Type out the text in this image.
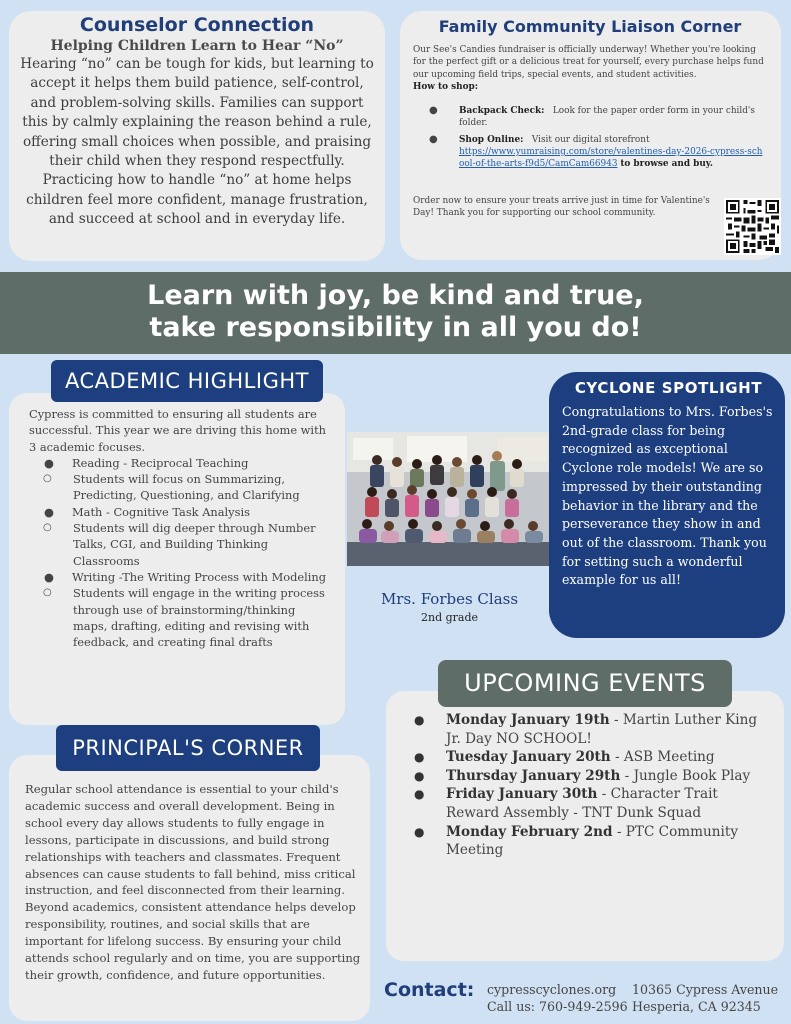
Counselor Connection
Helping Children Learn to Hear “No”

Hearing “no” can be tough for kids, but learning to accept it helps them build patience, self-control, and problem-solving skills. Families can support this by calmly explaining the reason behind a rule, offering small choices when possible, and praising their child when they respond respectfully. Practicing how to handle “no” at home helps children feel more confident, manage frustration, and succeed at school and in everyday life.

Family Community Liaison Corner
Our See's Candies fundraiser is officially underway! Whether you're looking for the perfect gift or a delicious treat for yourself, every purchase helps fund our upcoming field trips, special events, and student activities.
How to shop:
● Backpack Check: Look for the paper order form in your child's folder.
● Shop Online: Visit our digital storefront
https://www.yumraising.com/store/valentines-day-2026-cypress-school-of-the-arts-f9d5/CamCam66943 to browse and buy.
Order now to ensure your treats arrive just in time for Valentine's Day! Thank you for supporting our school community.
Learn with joy, be kind and true,
take responsibility in all you do!
Cypress is committed to ensuring all students are successful. This year we are driving this home with 3 academic focuses.
● Reading - Reciprocal Teaching
○ Students will focus on Summarizing, Predicting, Questioning, and Clarifying
● Math - Cognitive Task Analysis
○ Students will dig deeper through Number Talks, CGI, and Building Thinking Classrooms
● Writing -The Writing Process with Modeling
○ Students will engage in the writing process through use of brainstorming/thinking maps, drafting, editing and revising with feedback, and creating final drafts
ACADEMIC HIGHLIGHT
Mrs. Forbes Class
2nd grade
CYCLONE SPOTLIGHT

Congratulations to Mrs. Forbes's 2nd-grade class for being recognized as exceptional Cyclone role models! We are so impressed by their outstanding behavior in the library and the perseverance they show in and out of the classroom. Thank you for setting such a wonderful example for us all!

Regular school attendance is essential to your child's academic success and overall development. Being in school every day allows students to fully engage in lessons, participate in discussions, and build strong relationships with teachers and classmates. Frequent absences can cause students to fall behind, miss critical instruction, and feel disconnected from their learning.
Beyond academics, consistent attendance helps develop responsibility, routines, and social skills that are important for lifelong success. By ensuring your child attends school regularly and on time, you are supporting their growth, confidence, and future opportunities.
PRINCIPAL'S CORNER
● Monday January 19th - Martin Luther King Jr. Day NO SCHOOL!
● Tuesday January 20th - ASB Meeting
● Thursday January 29th - Jungle Book Play
● Friday January 30th - Character Trait Reward Assembly - TNT Dunk Squad
● Monday February 2nd - PTC Community Meeting
UPCOMING EVENTS
Contact: cypresscyclones.org
Call us: 760-949-2596
10365 Cypress Avenue
Hesperia, CA 92345
